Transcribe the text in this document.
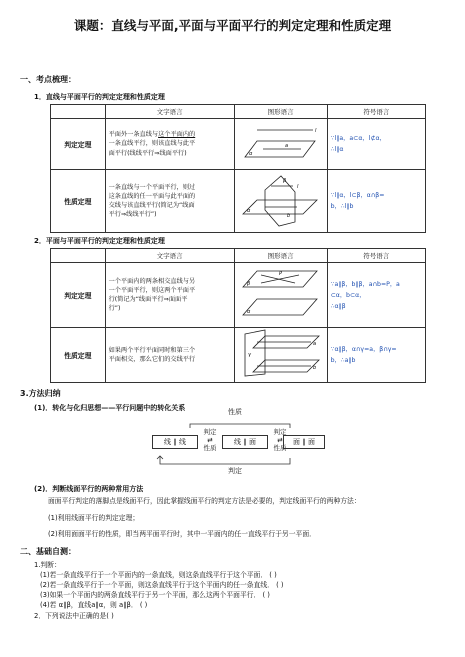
课题：直线与平面,平面与平面平行的判定定理和性质定理
一、考点梳理：
1．直线与平面平行的判定定理和性质定理
	文字语言	图形语言	符号语言
判定定理	平面外一条直线与这个平面内的
一条直线平行，则该直线与此平
面平行(线线平行⇒线面平行)	l
α
a	∵l∥a，a⊂α，l⊄α，
∴l∥α
性质定理	一条直线与一个平面平行，则过
这条直线的任一平面与此平面的
交线与该直线平行(简记为“线面
平行⇒线线平行”)	α
β
l
b	∵l∥α，l⊂β，α∩β=
b，∴l∥b
2．平面与平面平行的判定定理和性质定理
	文字语言	图形语言	符号语言
判定定理	一个平面内的两条相交直线与另
一个平面平行，则这两个平面平
行(简记为“线面平行⇒面面平
行”)	β
α
P	∵a∥β，b∥β，a∩b=P，a
⊂α，b⊂α，
∴α∥β
性质定理	如果两个平行平面同时和第三个
平面相交，那么它们的交线平行	a
b
γ	∵α∥β，α∩γ=a，β∩γ=
b，∴a∥b
3.方法归纳
(1)．转化与化归思想——平行问题中的转化关系	性质
线 ∥ 线
判定
⇄
性质
线 ∥ 面
判定
⇄
性质
面 ∥ 面
判定
(2)．判断线面平行的两种常用方法
面面平行判定的落脚点是线面平行，因此掌握线面平行的判定方法是必要的，判定线面平行的两种方法：
(1)利用线面平行的判定定理；
(2)利用面面平行的性质，即当两平面平行时，其中一平面内的任一直线平行于另一平面．
二、基础自测：
1.判断：
(1)若一条直线平行于一个平面内的一条直线，则这条直线平行于这个平面． ( )
(2)若一条直线平行于一个平面，则这条直线平行于这个平面内的任一条直线． ( )
(3)如果一个平面内的两条直线平行于另一个平面，那么这两个平面平行． ( )
(4)若 α∥β，直线a∥α，则 a∥β． ( )
2．下列说法中正确的是( )
